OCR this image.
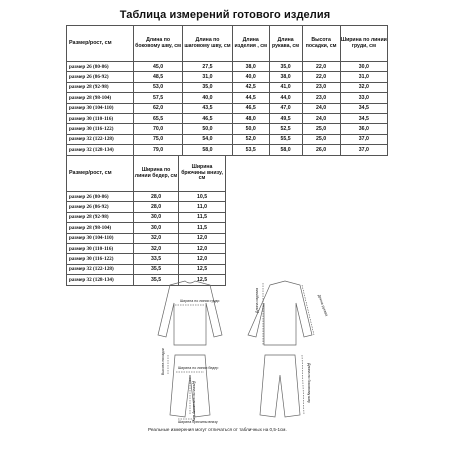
Таблица измерений готового изделия
Размер/рост, см	Длина по боковому шву, см	Длина по шаговому шву, см	Длина изделия , см	Длина рукава, см	Высота посадки, см	Ширина по линии груди, см
размер 26 (80-86)	45,0	27,5	38,0	35,0	22,0	30,0
размер 26 (86-92)	48,5	31,0	40,0	38,0	22,0	31,0
размер 28 (92-98)	53,0	35,0	42,5	41,0	23,0	32,0
размер 28 (98-104)	57,5	40,0	44,5	44,0	23,0	33,0
размер 30 (104-110)	62,0	43,5	46,5	47,0	24,0	34,5
размер 30 (110-116)	65,5	46,5	48,0	49,5	24,0	34,5
размер 30 (116-122)	70,0	50,0	50,0	52,5	25,0	36,0
размер 32 (122-128)	75,0	54,0	52,0	55,5	25,0	37,0
размер 32 (128-134)	79,0	58,0	53,5	58,0	26,0	37,0
Размер/рост, см	Ширина по линии бедер, см	Ширина брючины внизу, см
размер 26 (80-86)	28,0	10,5
размер 26 (86-92)	28,0	11,0
размер 28 (92-98)	30,0	11,5
размер 28 (98-104)	30,0	11,5
размер 30 (104-110)	32,0	12,0
размер 30 (110-116)	32,0	12,0
размер 30 (116-122)	33,5	12,0
размер 32 (122-128)	35,5	12,5
размер 32 (128-134)	35,5	12,5
Ширина по линии груди	Длина изделия	Длина рукава
Высота посадки	Ширина по линии бедер
Длина по шаговому шву	Длина по боковому шву
Ширина брючины внизу
Реальные измерения могут отличаться от табличных на 0,5-1см.
